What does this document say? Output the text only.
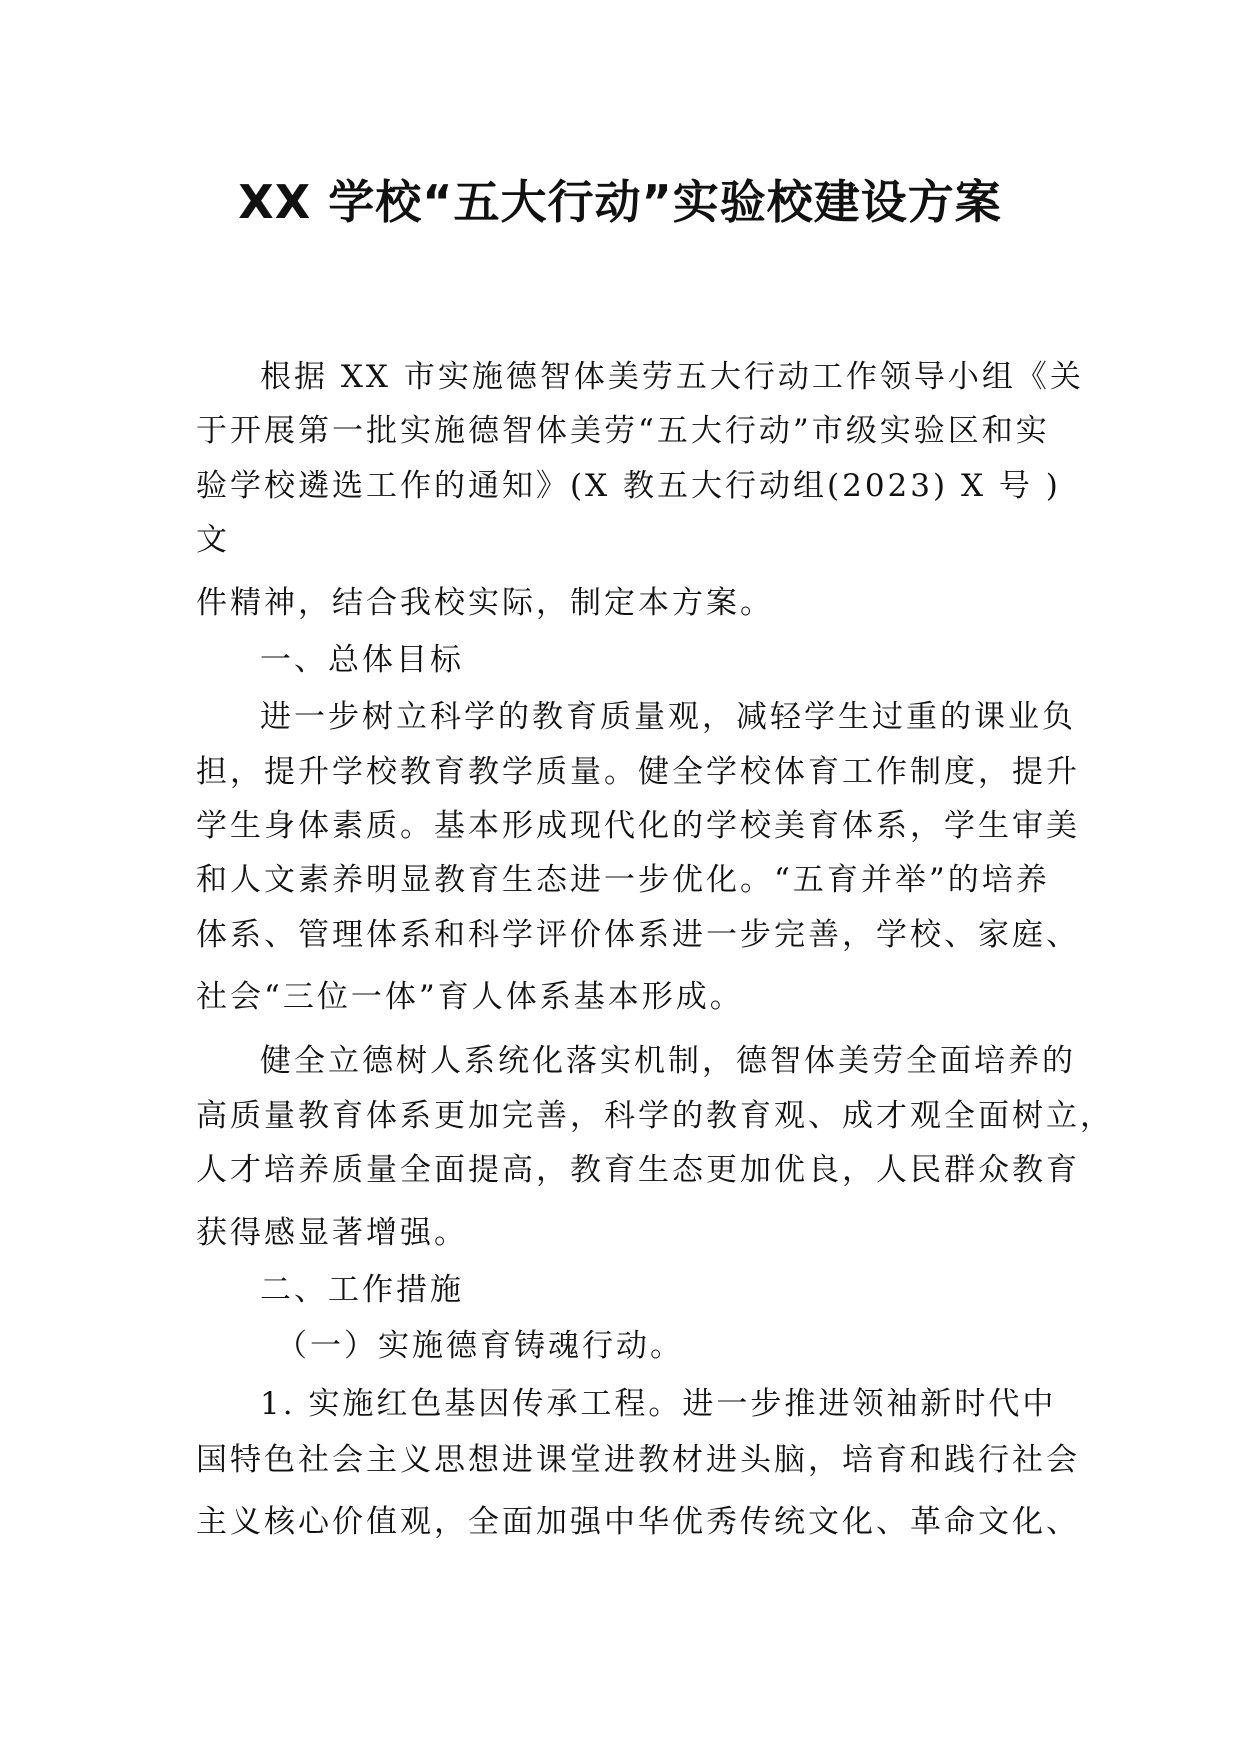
XX 学校“五大行动”实验校建设方案
根据 XX 市实施德智体美劳五大行动工作领导小组《关
于开展第一批实施德智体美劳“五大行动”市级实验区和实
验学校遴选工作的通知》(X 教五大行动组(2023) X 号 )
文
件精神，结合我校实际，制定本方案。
一、总体目标
进一步树立科学的教育质量观，减轻学生过重的课业负
担，提升学校教育教学质量。健全学校体育工作制度，提升
学生身体素质。基本形成现代化的学校美育体系，学生审美
和人文素养明显教育生态进一步优化。“五育并举”的培养
体系、管理体系和科学评价体系进一步完善，学校、家庭、
社会“三位一体”育人体系基本形成。
健全立德树人系统化落实机制，德智体美劳全面培养的
高质量教育体系更加完善，科学的教育观、成才观全面树立，
人才培养质量全面提高，教育生态更加优良，人民群众教育
获得感显著增强。
二、工作措施
（一）实施德育铸魂行动。
1. 实施红色基因传承工程。进一步推进领袖新时代中
国特色社会主义思想进课堂进教材进头脑，培育和践行社会
主义核心价值观，全面加强中华优秀传统文化、革命文化、
